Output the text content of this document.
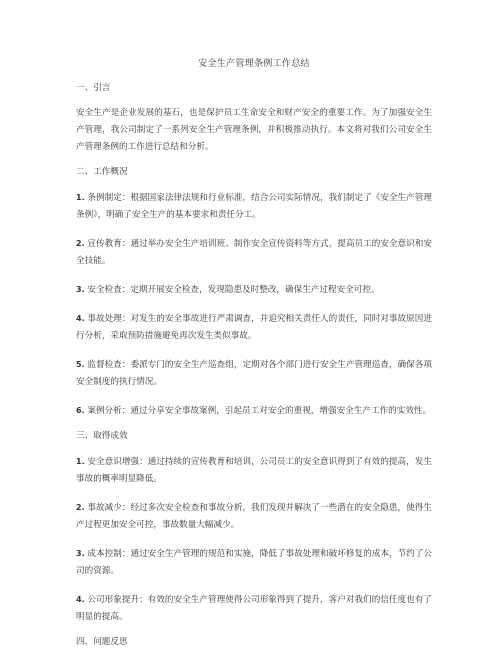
安全生产管理条例工作总结
一、引言

安全生产是企业发展的基石，也是保护员工生命安全和财产安全的重要工作。为了加强安全生产管理，我公司制定了一系列安全生产管理条例，并积极推动执行。本文将对我们公司安全生产管理条例的工作进行总结和分析。

二、工作概况

1. 条例制定：根据国家法律法规和行业标准，结合公司实际情况，我们制定了《安全生产管理条例》，明确了安全生产的基本要求和责任分工。

2. 宣传教育：通过举办安全生产培训班、制作安全宣传资料等方式，提高员工的安全意识和安全技能。

3. 安全检查：定期开展安全检查，发现隐患及时整改，确保生产过程安全可控。

4. 事故处理：对发生的安全事故进行严肃调查，并追究相关责任人的责任，同时对事故原因进行分析，采取预防措施避免再次发生类似事故。

5. 监督检查：委派专门的安全生产巡查组，定期对各个部门进行安全生产管理巡查，确保各项安全制度的执行情况。

6. 案例分析：通过分享安全事故案例，引起员工对安全的重视，增强安全生产工作的实效性。

三、取得成效

1. 安全意识增强：通过持续的宣传教育和培训，公司员工的安全意识得到了有效的提高，发生事故的概率明显降低。

2. 事故减少：经过多次安全检查和事故分析，我们发现并解决了一些潜在的安全隐患，使得生产过程更加安全可控，事故数量大幅减少。

3. 成本控制：通过安全生产管理的规范和实施，降低了事故处理和破坏修复的成本，节约了公司的资源。

4. 公司形象提升：有效的安全生产管理使得公司形象得到了提升，客户对我们的信任度也有了明显的提高。

四、问题反思
